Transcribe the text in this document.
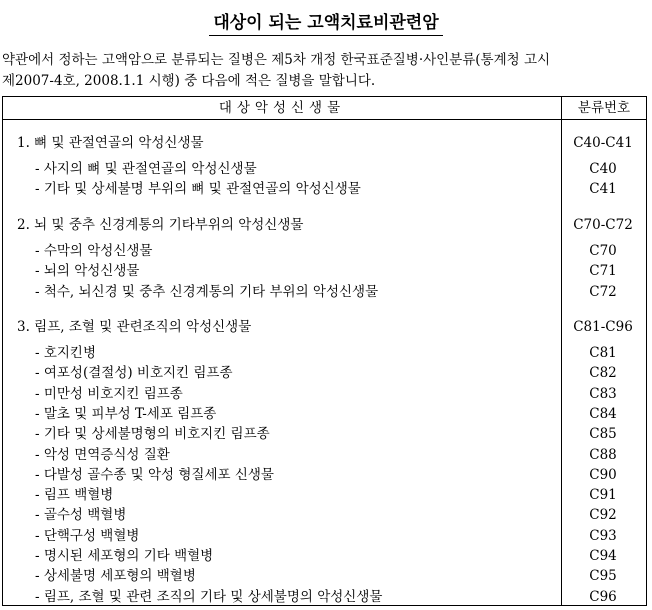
대상이 되는 고액치료비관련암
약관에서 정하는 고액암으로 분류되는 질병은 제5차 개정 한국표준질병·사인분류(통계청 고시
제2007-4호, 2008.1.1 시행) 중 다음에 적은 질병을 말합니다.
대상악성신생물	분류번호
1. 뼈 및 관절연골의 악성신생물	C40-C41
- 사지의 뼈 및 관절연골의 악성신생물	C40
- 기타 및 상세불명 부위의 뼈 및 관절연골의 악성신생물	C41
2. 뇌 및 중추 신경계통의 기타부위의 악성신생물	C70-C72
- 수막의 악성신생물	C70
- 뇌의 악성신생물	C71
- 척수, 뇌신경 및 중추 신경계통의 기타 부위의 악성신생물	C72
3. 림프, 조혈 및 관련조직의 악성신생물	C81-C96
- 호지킨병	C81
- 여포성(결절성) 비호지킨 림프종	C82
- 미만성 비호지킨 림프종	C83
- 말초 및 피부성 T-세포 림프종	C84
- 기타 및 상세불명형의 비호지킨 림프종	C85
- 악성 면역증식성 질환	C88
- 다발성 골수종 및 악성 형질세포 신생물	C90
- 림프 백혈병	C91
- 골수성 백혈병	C92
- 단핵구성 백혈병	C93
- 명시된 세포형의 기타 백혈병	C94
- 상세불명 세포형의 백혈병	C95
- 림프, 조혈 및 관련 조직의 기타 및 상세불명의 악성신생물	C96
